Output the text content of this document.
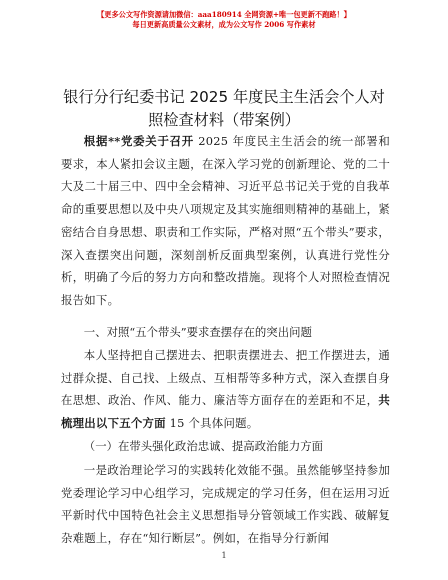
【更多公文写作资源请加微信：aaa180914 全网资源+唯一包更新不跑路！】
每日更新高质量公文素材，成为公文写作 2006 写作素材
银行分行纪委书记 2025 年度民主生活会个人对
照检查材料（带案例）

根据**党委关于召开 2025 年度民主生活会的统一部署和要求，本人紧扣会议主题，在深入学习党的创新理论、党的二十大及二十届三中、四中全会精神、习近平总书记关于党的自我革命的重要思想以及中央八项规定及其实施细则精神的基础上，紧密结合自身思想、职责和工作实际，严格对照“五个带头”要求，深入查摆突出问题，深刻剖析反面典型案例，认真进行党性分析，明确了今后的努力方向和整改措施。现将个人对照检查情况报告如下。

一、对照“五个带头”要求查摆存在的突出问题

本人坚持把自己摆进去、把职责摆进去、把工作摆进去，通过群众提、自己找、上级点、互相帮等多种方式，深入查摆自身在思想、政治、作风、能力、廉洁等方面存在的差距和不足，共梳理出以下五个方面 15 个具体问题。

（一）在带头强化政治忠诚、提高政治能力方面

一是政治理论学习的实践转化效能不强。虽然能够坚持参加党委理论学习中心组学习，完成规定的学习任务，但在运用习近平新时代中国特色社会主义思想指导分管领域工作实践、破解复杂难题上，存在“知行断层”。例如，在指导分行新闻

1
